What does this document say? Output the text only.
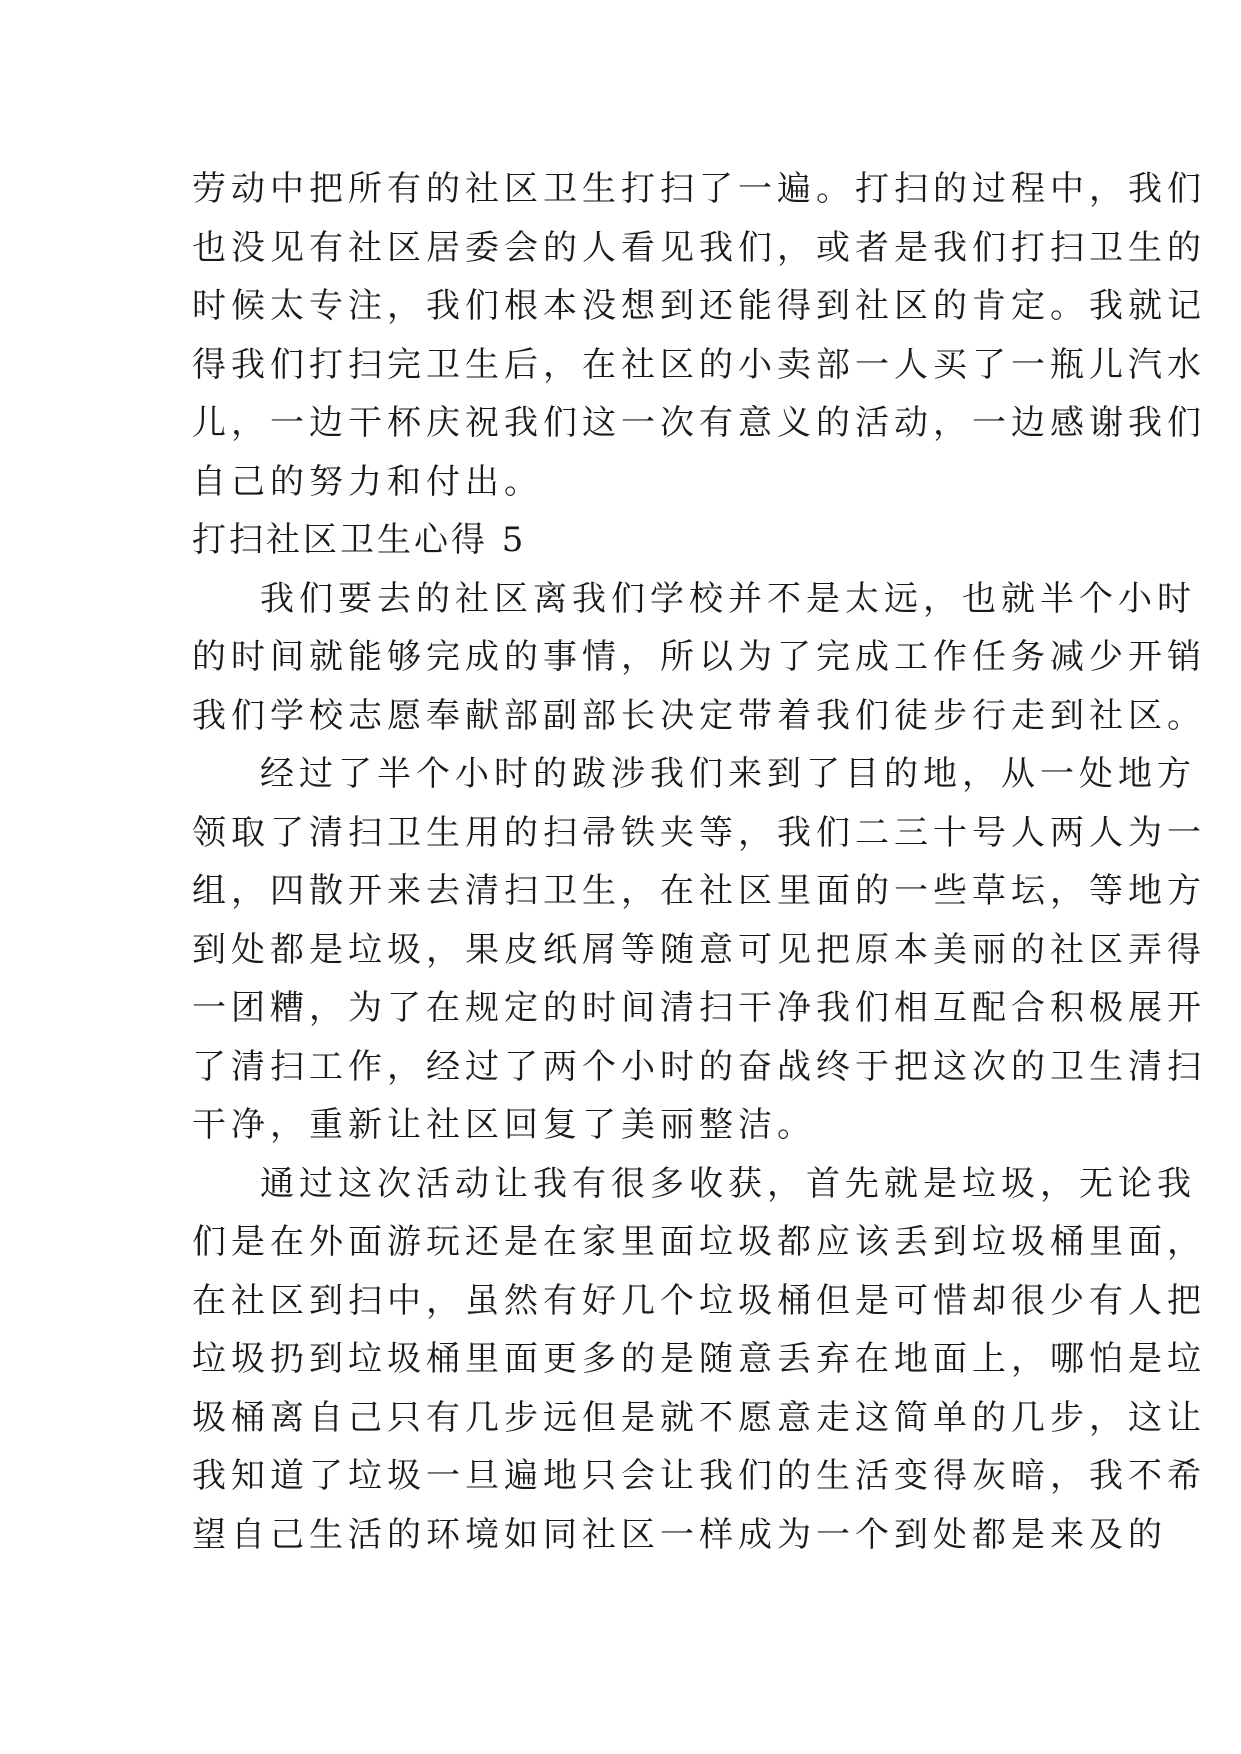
劳动中把所有的社区卫生打扫了一遍。打扫的过程中，我们
也没见有社区居委会的人看见我们，或者是我们打扫卫生的
时候太专注，我们根本没想到还能得到社区的肯定。我就记
得我们打扫完卫生后，在社区的小卖部一人买了一瓶儿汽水
儿，一边干杯庆祝我们这一次有意义的活动，一边感谢我们
自己的努力和付出。
打扫社区卫生心得 5
我们要去的社区离我们学校并不是太远，也就半个小时
的时间就能够完成的事情，所以为了完成工作任务减少开销
我们学校志愿奉献部副部长决定带着我们徒步行走到社区。
经过了半个小时的跋涉我们来到了目的地，从一处地方
领取了清扫卫生用的扫帚铁夹等，我们二三十号人两人为一
组，四散开来去清扫卫生，在社区里面的一些草坛，等地方
到处都是垃圾，果皮纸屑等随意可见把原本美丽的社区弄得
一团糟，为了在规定的时间清扫干净我们相互配合积极展开
了清扫工作，经过了两个小时的奋战终于把这次的卫生清扫
干净，重新让社区回复了美丽整洁。
通过这次活动让我有很多收获，首先就是垃圾，无论我
们是在外面游玩还是在家里面垃圾都应该丢到垃圾桶里面，
在社区到扫中，虽然有好几个垃圾桶但是可惜却很少有人把
垃圾扔到垃圾桶里面更多的是随意丢弃在地面上，哪怕是垃
圾桶离自己只有几步远但是就不愿意走这简单的几步，这让
我知道了垃圾一旦遍地只会让我们的生活变得灰暗，我不希
望自己生活的环境如同社区一样成为一个到处都是来及的
